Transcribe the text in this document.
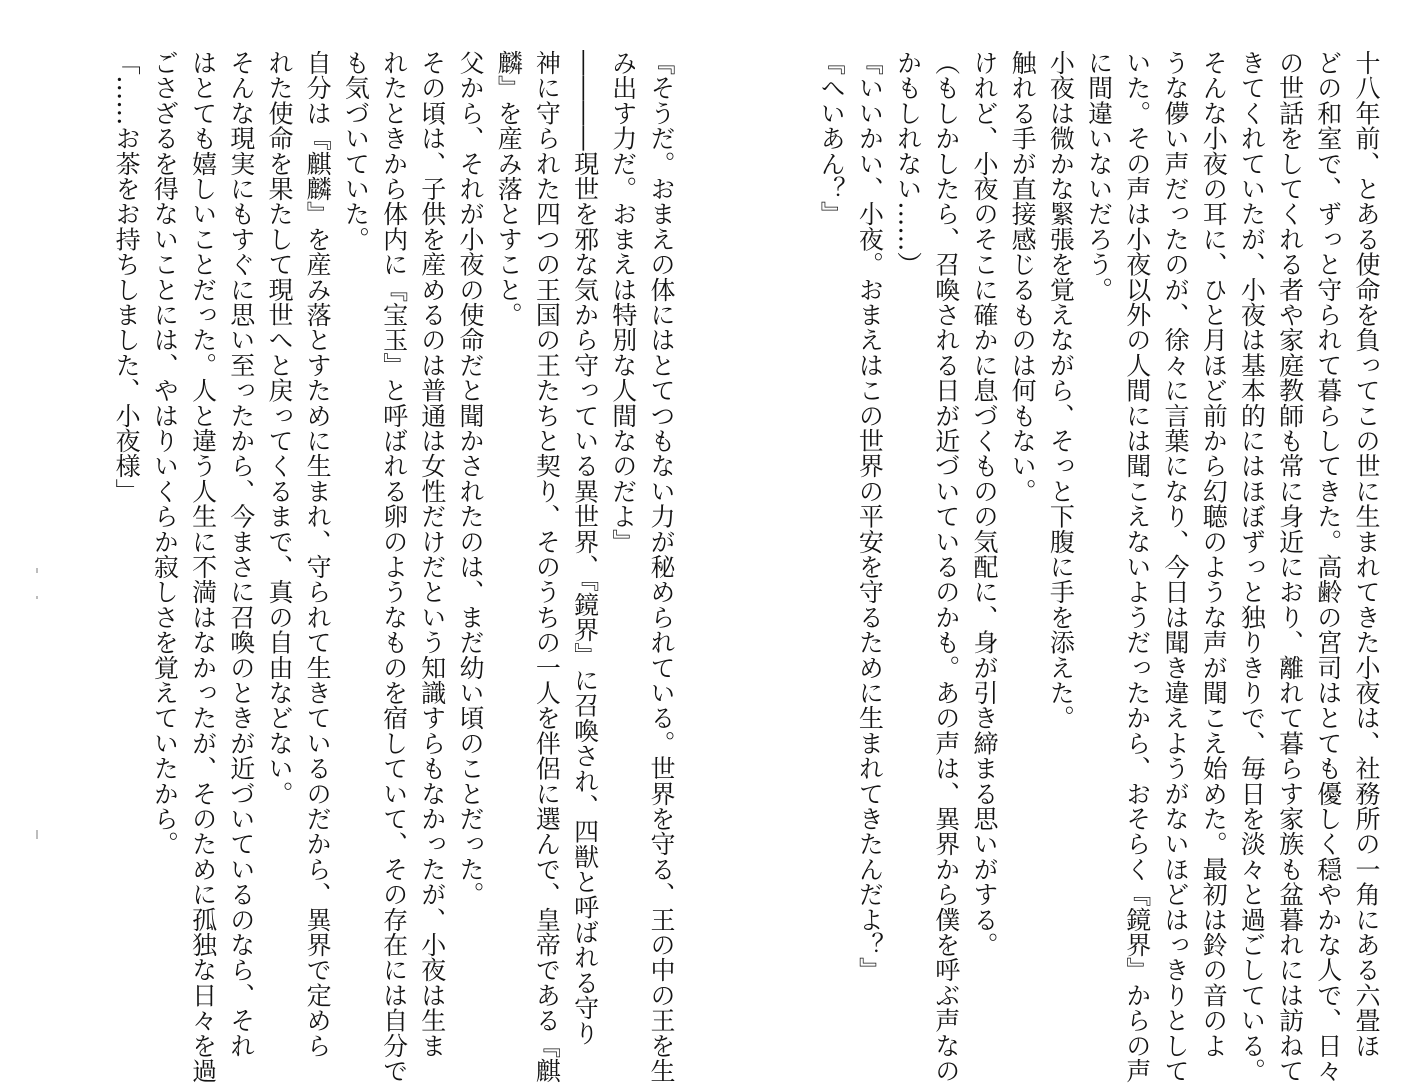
十八年前、とある使命を負ってこの世に生まれてきた小夜は、社務所の一角にある六畳ほ

どの和室で、ずっと守られて暮らしてきた。高齢の宮司はとても優しく穏やかな人で、日々

の世話をしてくれる者や家庭教師も常に身近におり、離れて暮らす家族も盆暮れには訪ねて

きてくれていたが、小夜は基本的にはほぼずっと独りきりで、毎日を淡々と過ごしている。

そんな小夜の耳に、ひと月ほど前から幻聴のような声が聞こえ始めた。最初は鈴の音のよ

うな儚い声だったのが、徐々に言葉になり、今日は聞き違えようがないほどはっきりとして

いた。その声は小夜以外の人間には聞こえないようだったから、おそらく『鏡界』からの声

に間違いないだろう。

小夜は微かな緊張を覚えながら、そっと下腹に手を添えた。

触れる手が直接感じるものは何もない。

けれど、小夜のそこに確かに息づくものの気配に、身が引き締まる思いがする。

（もしかしたら、召喚される日が近づいているのかも。あの声は、異界から僕を呼ぶ声なの

かもしれない……）

『いいかい、小夜。おまえはこの世界の平安を守るために生まれてきたんだよ？』

『へいあん？』

『そうだ。おまえの体にはとてつもない力が秘められている。世界を守る、王の中の王を生

み出す力だ。おまえは特別な人間なのだよ』

――――現世を邪な気から守っている異世界、『鏡界』に召喚され、四獣と呼ばれる守り

神に守られた四つの王国の王たちと契り、そのうちの一人を伴侶に選んで、皇帝である『麒

麟』を産み落とすこと。

父から、それが小夜の使命だと聞かされたのは、まだ幼い頃のことだった。

その頃は、子供を産めるのは普通は女性だけだという知識すらもなかったが、小夜は生ま

れたときから体内に『宝玉』と呼ばれる卵のようなものを宿していて、その存在には自分で

も気づいていた。

自分は『麒麟』を産み落とすために生まれ、守られて生きているのだから、異界で定めら

れた使命を果たして現世へと戻ってくるまで、真の自由などない。

そんな現実にもすぐに思い至ったから、今まさに召喚のときが近づいているのなら、それ

はとても嬉しいことだった。人と違う人生に不満はなかったが、そのために孤独な日々を過

ごさざるを得ないことには、やはりいくらか寂しさを覚えていたから。

「……お茶をお持ちしました、小夜様」
